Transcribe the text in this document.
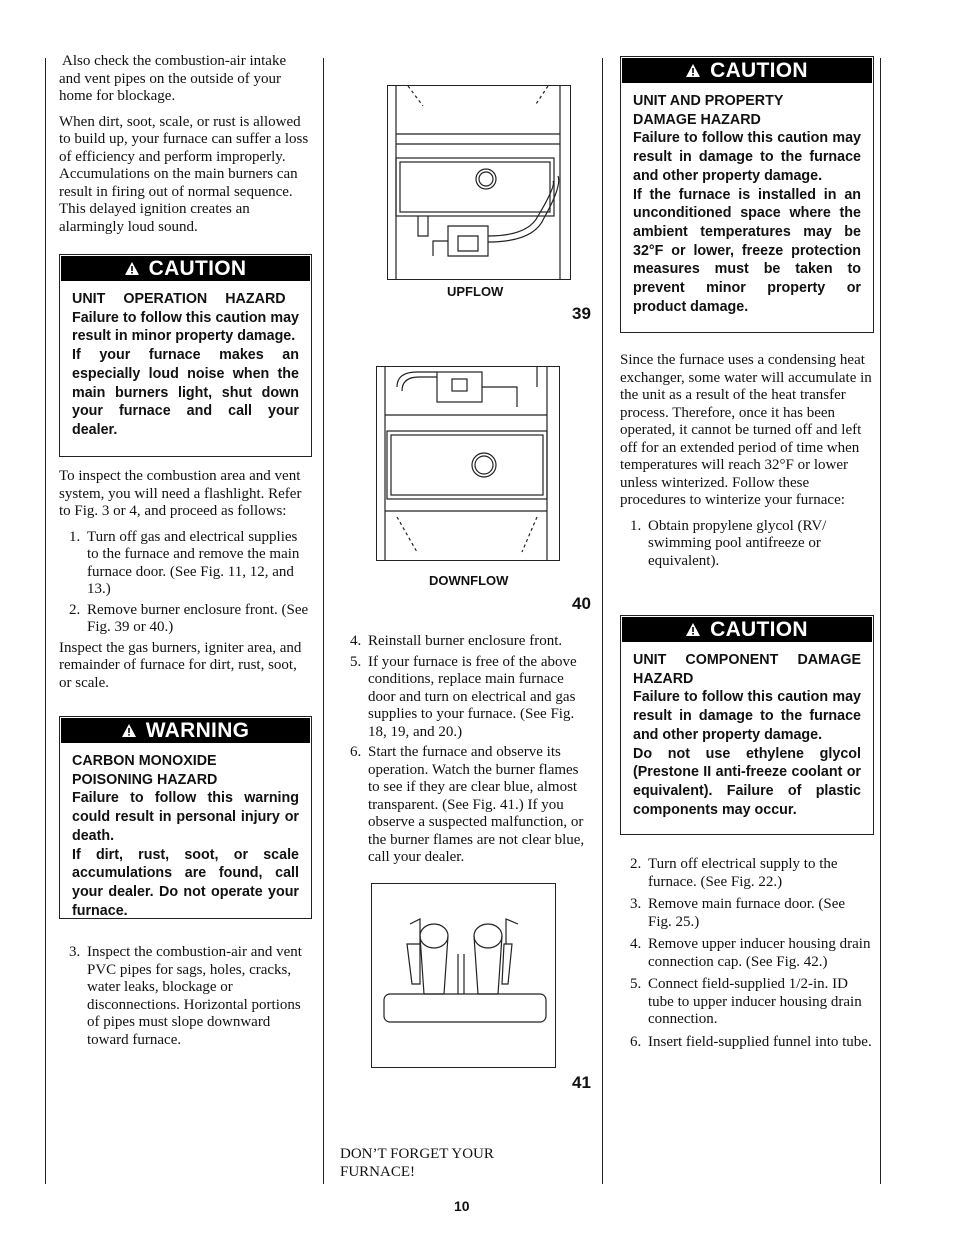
Also check the combustion-air intake and vent pipes on the outside of your home for blockage.

When dirt, soot, scale, or rust is allowed to build up, your furnace can suffer a loss of efficiency and perform improperly. Accumulations on the main burners can result in firing out of normal sequence. This delayed ignition creates an alarmingly loud sound.

CAUTION
UNIT OPERATION HAZARD
Failure to follow this caution may result in minor property damage.
If your furnace makes an especially loud noise when the main burners light, shut down your furnace and call your dealer.

To inspect the combustion area and vent system, you will need a flashlight. Refer to Fig. 3 or 4, and proceed as follows:

1. Turn off gas and electrical supplies to the furnace and remove the main furnace door. (See Fig. 11, 12, and 13.)
2. Remove burner enclosure front. (See Fig. 39 or 40.)

Inspect the gas burners, igniter area, and remainder of furnace for dirt, rust, soot, or scale.

WARNING
CARBON MONOXIDE POISONING HAZARD
Failure to follow this warning could result in personal injury or death.
If dirt, rust, soot, or scale accumulations are found, call your dealer. Do not operate your furnace.
3. Inspect the combustion-air and vent PVC pipes for sags, holes, cracks, water leaks, blockage or disconnections. Horizontal portions of pipes must slope downward toward furnace.
UPFLOW
39
DOWNFLOW
40
4. Reinstall burner enclosure front.
5. If your furnace is free of the above conditions, replace main furnace door and turn on electrical and gas supplies to your furnace. (See Fig. 18, 19, and 20.)
6. Start the furnace and observe its operation. Watch the burner flames to see if they are clear blue, almost transparent. (See Fig. 41.) If you observe a suspected malfunction, or the burner flames are not clear blue, call your dealer.
41

DON’T FORGET YOUR FURNACE!

CAUTION
UNIT AND PROPERTY DAMAGE HAZARD
Failure to follow this caution may result in damage to the furnace and other property damage.
If the furnace is installed in an unconditioned space where the ambient temperatures may be 32°F or lower, freeze protection measures must be taken to prevent minor property or product damage.

Since the furnace uses a condensing heat exchanger, some water will accumulate in the unit as a result of the heat transfer process. Therefore, once it has been operated, it cannot be turned off and left off for an extended period of time when temperatures will reach 32°F or lower unless winterized. Follow these procedures to winterize your furnace:

1. Obtain propylene glycol (RV/ swimming pool antifreeze or equivalent).
CAUTION
UNIT COMPONENT DAMAGE HAZARD
Failure to follow this caution may result in damage to the furnace and other property damage.
Do not use ethylene glycol (Prestone II anti-freeze coolant or equivalent). Failure of plastic components may occur.
2. Turn off electrical supply to the furnace. (See Fig. 22.)
3. Remove main furnace door. (See Fig. 25.)
4. Remove upper inducer housing drain connection cap. (See Fig. 42.)
5. Connect field-supplied 1/2-in. ID tube to upper inducer housing drain connection.
6. Insert field-supplied funnel into tube.
10
